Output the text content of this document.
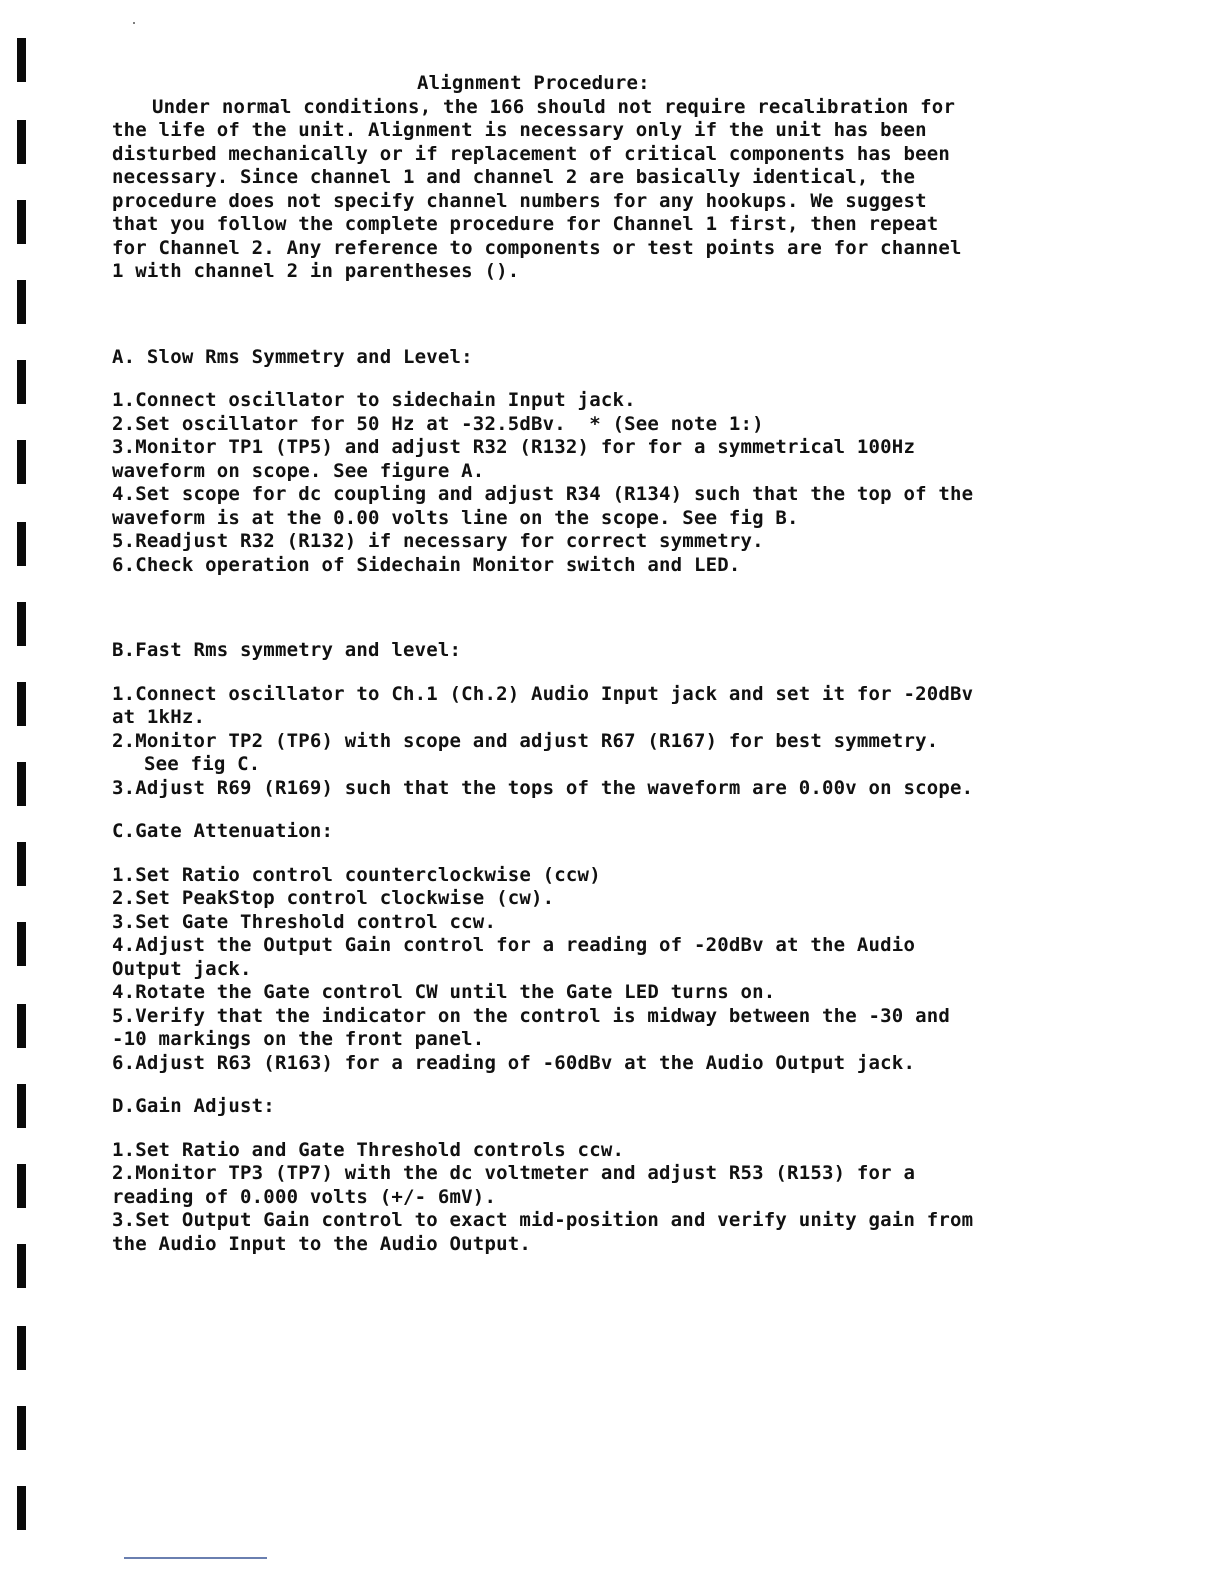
Alignment Procedure:
Under normal conditions, the 166 should not require recalibration for
the life of the unit. Alignment is necessary only if the unit has been
disturbed mechanically or if replacement of critical components has been
necessary. Since channel 1 and channel 2 are basically identical, the
procedure does not specify channel numbers for any hookups. We suggest
that you follow the complete procedure for Channel 1 first, then repeat
for Channel 2. Any reference to components or test points are for channel
1 with channel 2 in parentheses ().
A. Slow Rms Symmetry and Level:
1.Connect oscillator to sidechain Input jack.
2.Set oscillator for 50 Hz at -32.5dBv.  * (See note 1:)
3.Monitor TP1 (TP5) and adjust R32 (R132) for for a symmetrical 100Hz
waveform on scope. See figure A.
4.Set scope for dc coupling and adjust R34 (R134) such that the top of the
waveform is at the 0.00 volts line on the scope. See fig B.
5.Readjust R32 (R132) if necessary for correct symmetry.
6.Check operation of Sidechain Monitor switch and LED.
B.Fast Rms symmetry and level:
1.Connect oscillator to Ch.1 (Ch.2) Audio Input jack and set it for -20dBv
at 1kHz.
2.Monitor TP2 (TP6) with scope and adjust R67 (R167) for best symmetry.
See fig C.
3.Adjust R69 (R169) such that the tops of the waveform are 0.00v on scope.
C.Gate Attenuation:
1.Set Ratio control counterclockwise (ccw)
2.Set PeakStop control clockwise (cw).
3.Set Gate Threshold control ccw.
4.Adjust the Output Gain control for a reading of -20dBv at the Audio
Output jack.
4.Rotate the Gate control CW until the Gate LED turns on.
5.Verify that the indicator on the control is midway between the -30 and
-10 markings on the front panel.
6.Adjust R63 (R163) for a reading of -60dBv at the Audio Output jack.
D.Gain Adjust:
1.Set Ratio and Gate Threshold controls ccw.
2.Monitor TP3 (TP7) with the dc voltmeter and adjust R53 (R153) for a
reading of 0.000 volts (+/- 6mV).
3.Set Output Gain control to exact mid-position and verify unity gain from
the Audio Input to the Audio Output.
